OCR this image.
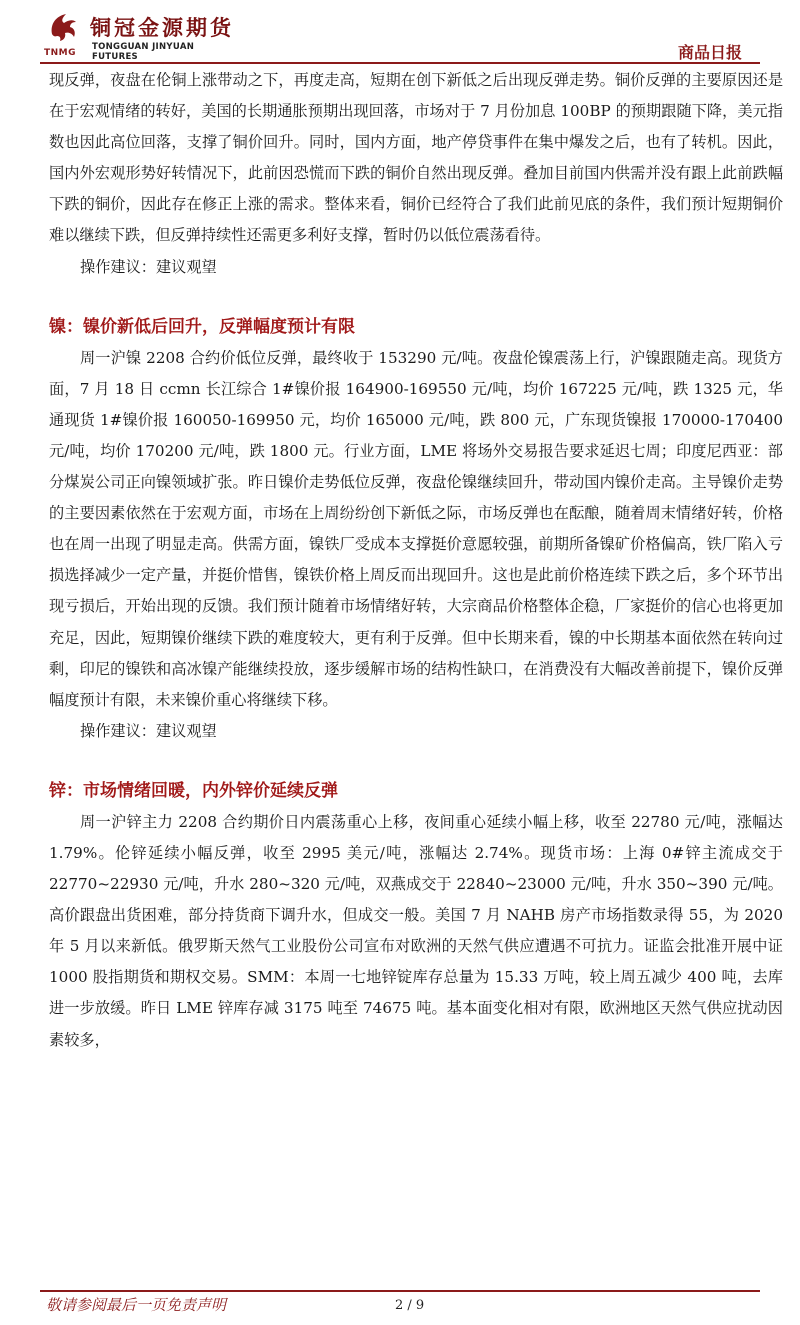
TNMG
铜冠金源期货
TONGGUAN JINYUAN FUTURES	商品日报

现反弹，夜盘在伦铜上涨带动之下，再度走高，短期在创下新低之后出现反弹走势。铜价反弹的主要原因还是在于宏观情绪的转好，美国的长期通胀预期出现回落，市场对于 7 月份加息 100BP 的预期跟随下降，美元指数也因此高位回落，支撑了铜价回升。同时，国内方面，地产停贷事件在集中爆发之后，也有了转机。因此，国内外宏观形势好转情况下，此前因恐慌而下跌的铜价自然出现反弹。叠加目前国内供需并没有跟上此前跌幅下跌的铜价，因此存在修正上涨的需求。整体来看，铜价已经符合了我们此前见底的条件，我们预计短期铜价难以继续下跌，但反弹持续性还需更多利好支撑，暂时仍以低位震荡看待。

操作建议：建议观望

镍：镍价新低后回升，反弹幅度预计有限

周一沪镍 2208 合约价低位反弹，最终收于 153290 元/吨。夜盘伦镍震荡上行，沪镍跟随走高。现货方面，7 月 18 日 ccmn 长江综合 1#镍价报 164900-169550 元/吨，均价 167225 元/吨，跌 1325 元，华通现货 1#镍价报 160050-169950 元，均价 165000 元/吨，跌 800 元，广东现货镍报 170000-170400 元/吨，均价 170200 元/吨，跌 1800 元。行业方面，LME 将场外交易报告要求延迟七周；印度尼西亚：部分煤炭公司正向镍领域扩张。昨日镍价走势低位反弹，夜盘伦镍继续回升，带动国内镍价走高。主导镍价走势的主要因素依然在于宏观方面，市场在上周纷纷创下新低之际，市场反弹也在酝酿，随着周末情绪好转，价格也在周一出现了明显走高。供需方面，镍铁厂受成本支撑挺价意愿较强，前期所备镍矿价格偏高，铁厂陷入亏损选择减少一定产量，并挺价惜售，镍铁价格上周反而出现回升。这也是此前价格连续下跌之后，多个环节出现亏损后，开始出现的反馈。我们预计随着市场情绪好转，大宗商品价格整体企稳，厂家挺价的信心也将更加充足，因此，短期镍价继续下跌的难度较大，更有利于反弹。但中长期来看，镍的中长期基本面依然在转向过剩，印尼的镍铁和高冰镍产能继续投放，逐步缓解市场的结构性缺口，在消费没有大幅改善前提下，镍价反弹幅度预计有限，未来镍价重心将继续下移。

操作建议：建议观望

锌：市场情绪回暖，内外锌价延续反弹

周一沪锌主力 2208 合约期价日内震荡重心上移，夜间重心延续小幅上移，收至 22780 元/吨，涨幅达 1.79%。伦锌延续小幅反弹，收至 2995 美元/吨，涨幅达 2.74%。现货市场：上海 0#锌主流成交于 22770~22930 元/吨，升水 280~320 元/吨，双燕成交于 22840~23000 元/吨，升水 350~390 元/吨。高价跟盘出货困难，部分持货商下调升水，但成交一般。美国 7 月 NAHB 房产市场指数录得 55，为 2020 年 5 月以来新低。俄罗斯天然气工业股份公司宣布对欧洲的天然气供应遭遇不可抗力。证监会批准开展中证 1000 股指期货和期权交易。SMM：本周一七地锌锭库存总量为 15.33 万吨，较上周五减少 400 吨，去库进一步放缓。昨日 LME 锌库存减 3175 吨至 74675 吨。基本面变化相对有限，欧洲地区天然气供应扰动因素较多，

敬请参阅最后一页免责声明	2 / 9
